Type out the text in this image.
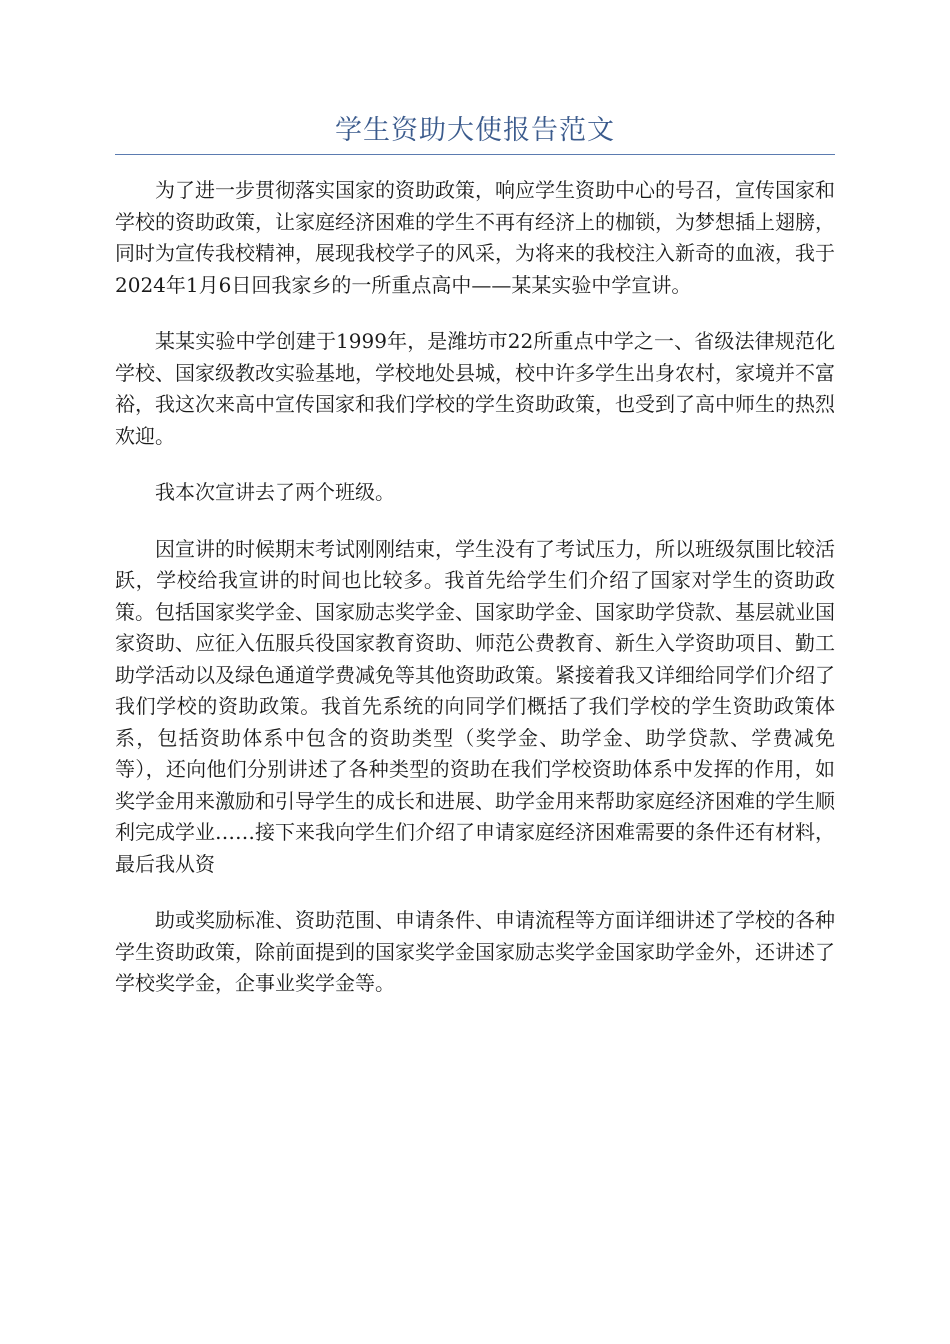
学生资助大使报告范文

为了进一步贯彻落实国家的资助政策，响应学生资助中心的号召，宣传国家和学校的资助政策，让家庭经济困难的学生不再有经济上的枷锁，为梦想插上翅膀，同时为宣传我校精神，展现我校学子的风采，为将来的我校注入新奇的血液，我于2024年1月6日回我家乡的一所重点高中——某某实验中学宣讲。

某某实验中学创建于1999年，是潍坊市22所重点中学之一、省级法律规范化学校、国家级教改实验基地，学校地处县城，校中许多学生出身农村，家境并不富裕，我这次来高中宣传国家和我们学校的学生资助政策，也受到了高中师生的热烈欢迎。

我本次宣讲去了两个班级。

因宣讲的时候期末考试刚刚结束，学生没有了考试压力，所以班级氛围比较活跃，学校给我宣讲的时间也比较多。我首先给学生们介绍了国家对学生的资助政策。包括国家奖学金、国家励志奖学金、国家助学金、国家助学贷款、基层就业国家资助、应征入伍服兵役国家教育资助、师范公费教育、新生入学资助项目、勤工助学活动以及绿色通道学费减免等其他资助政策。紧接着我又详细给同学们介绍了我们学校的资助政策。我首先系统的向同学们概括了我们学校的学生资助政策体系，包括资助体系中包含的资助类型（奖学金、助学金、助学贷款、学费减免等），还向他们分别讲述了各种类型的资助在我们学校资助体系中发挥的作用，如奖学金用来激励和引导学生的成长和进展、助学金用来帮助家庭经济困难的学生顺利完成学业……接下来我向学生们介绍了申请家庭经济困难需要的条件还有材料，最后我从资

助或奖励标准、资助范围、申请条件、申请流程等方面详细讲述了学校的各种学生资助政策，除前面提到的国家奖学金国家励志奖学金国家助学金外，还讲述了学校奖学金，企事业奖学金等。
